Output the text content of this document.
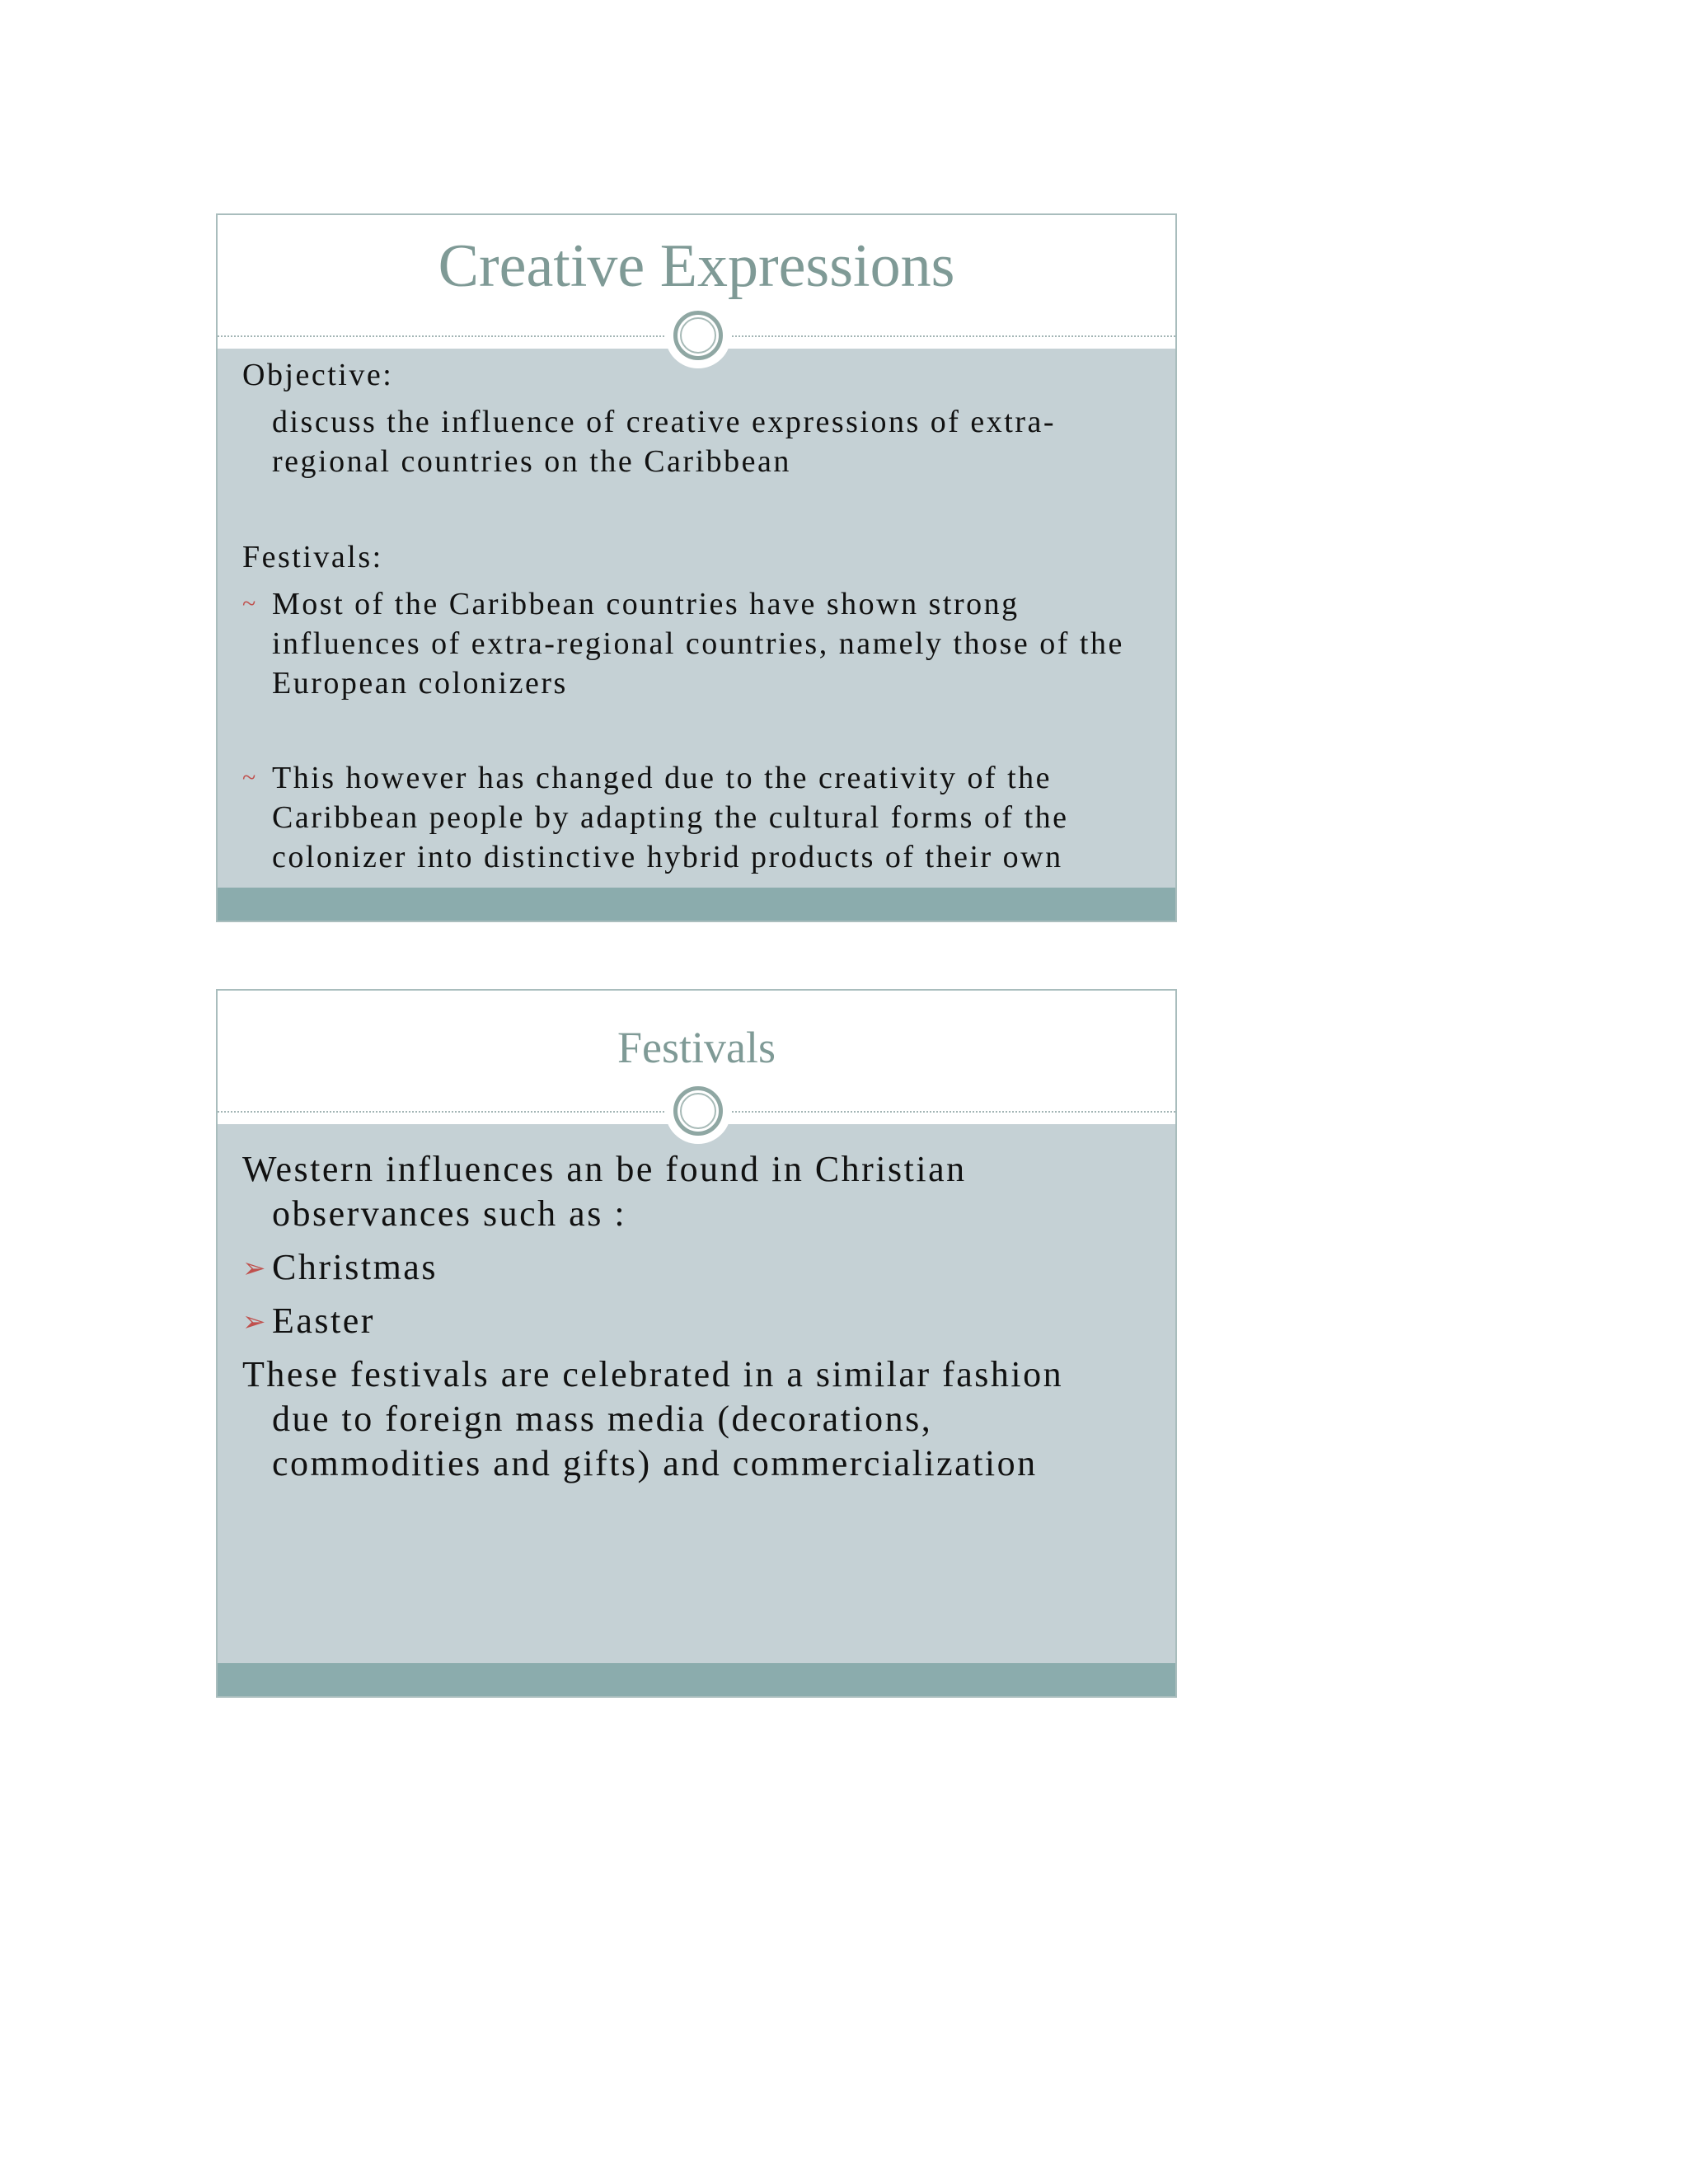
Creative Expressions

Objective:

discuss the influence of creative expressions of extra-regional countries on the Caribbean

Festivals:

~ Most of the Caribbean countries have shown strong influences of extra-regional countries, namely those of the European colonizers
~ This however has changed due to the creativity of the Caribbean people by adapting the cultural forms of the colonizer into distinctive hybrid products of their own
Festivals

Western influences an be found in Christian observances such as :

➢ Christmas
➢ Easter

These festivals are celebrated in a similar fashion due to foreign mass media (decorations, commodities and gifts) and commercialization
